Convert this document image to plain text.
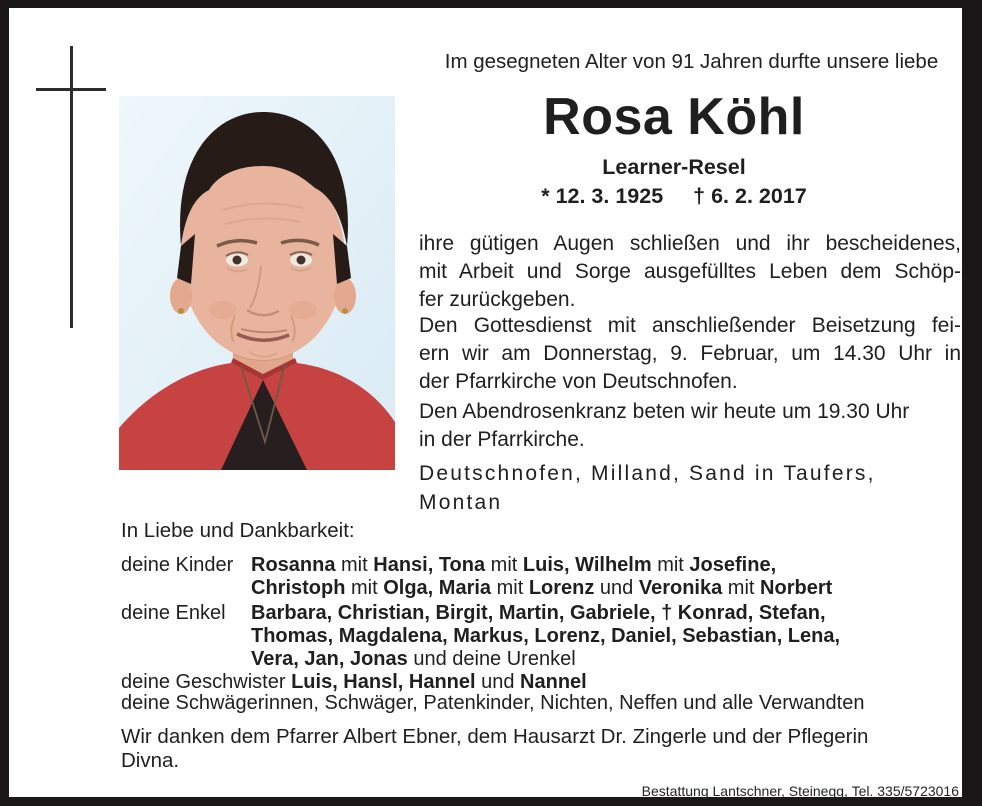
Im gesegneten Alter von 91 Jahren durfte unsere liebe
Rosa Köhl
Learner-Resel
* 12. 3. 1925 † 6. 2. 2017
ihre gütigen Augen schließen und ihr bescheidenes,
mit Arbeit und Sorge ausgefülltes Leben dem Schöp-
fer zurückgeben.
Den Gottesdienst mit anschließender Beisetzung fei-
ern wir am Donnerstag, 9. Februar, um 14.30 Uhr in
der Pfarrkirche von Deutschnofen.
Den Abendrosenkranz beten wir heute um 19.30 Uhr
in der Pfarrkirche.
Deutschnofen, Milland, Sand in Taufers,
Montan
In Liebe und Dankbarkeit:
deine Kinder Rosanna mit Hansi, Tona mit Luis, Wilhelm mit Josefine,
Christoph mit Olga, Maria mit Lorenz und Veronika mit Norbert
deine Enkel Barbara, Christian, Birgit, Martin, Gabriele, † Konrad, Stefan,
Thomas, Magdalena, Markus, Lorenz, Daniel, Sebastian, Lena,
Vera, Jan, Jonas und deine Urenkel
deine Geschwister Luis, Hansl, Hannel und Nannel
deine Schwägerinnen, Schwäger, Patenkinder, Nichten, Neffen und alle Verwandten
Wir danken dem Pfarrer Albert Ebner, dem Hausarzt Dr. Zingerle und der Pflegerin
Divna.
Bestattung Lantschner, Steinegg, Tel. 335/5723016
